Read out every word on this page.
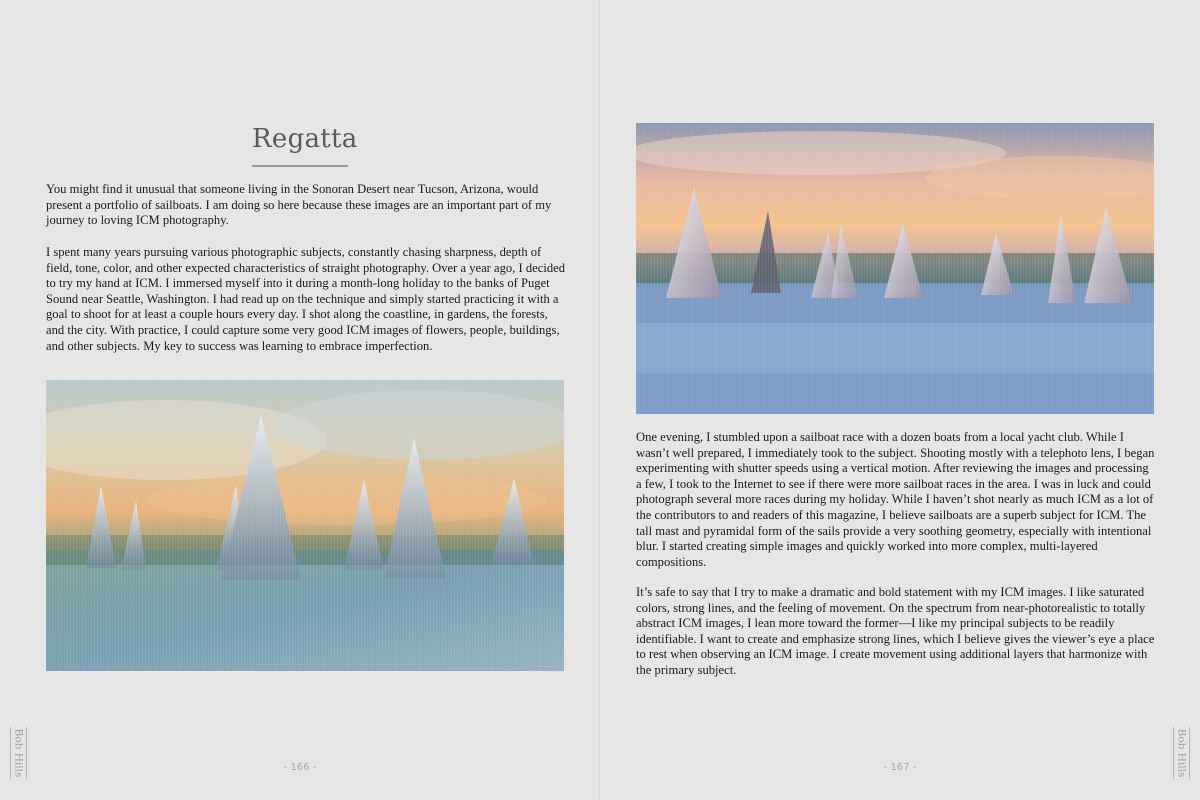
Regatta

You might find it unusual that someone living in the Sonoran Desert near Tucson, Arizona, would present a portfolio of sailboats. I am doing so here because these images are an important part of my journey to loving ICM photography.

I spent many years pursuing various photographic subjects, constantly chasing sharpness, depth of field, tone, color, and other expected characteristics of straight photography. Over a year ago, I decided to try my hand at ICM. I immersed myself into it during a month-long holiday to the banks of Puget Sound near Seattle, Washington. I had read up on the technique and simply started practicing it with a goal to shoot for at least a couple hours every day. I shot along the coastline, in gardens, the forests, and the city. With practice, I could capture some very good ICM images of flowers, people, buildings, and other subjects. My key to success was learning to embrace imperfection.

- 166 -
Bob Hills

One evening, I stumbled upon a sailboat race with a dozen boats from a local yacht club. While I wasn’t well prepared, I immediately took to the subject. Shooting mostly with a telephoto lens, I began experimenting with shutter speeds using a vertical motion. After reviewing the images and processing a few, I took to the Internet to see if there were more sailboat races in the area. I was in luck and could photograph several more races during my holiday. While I haven’t shot nearly as much ICM as a lot of the contributors to and readers of this magazine, I believe sailboats are a superb subject for ICM. The tall mast and pyramidal form of the sails provide a very soothing geometry, especially with intentional blur. I started creating simple images and quickly worked into more complex, multi-layered compositions.

It’s safe to say that I try to make a dramatic and bold statement with my ICM images. I like saturated colors, strong lines, and the feeling of movement. On the spectrum from near-photorealistic to totally abstract ICM images, I lean more toward the former—I like my principal subjects to be readily identifiable. I want to create and emphasize strong lines, which I believe gives the viewer’s eye a place to rest when observing an ICM image. I create movement using additional layers that harmonize with the primary subject.

- 167 -	Bob Hills
